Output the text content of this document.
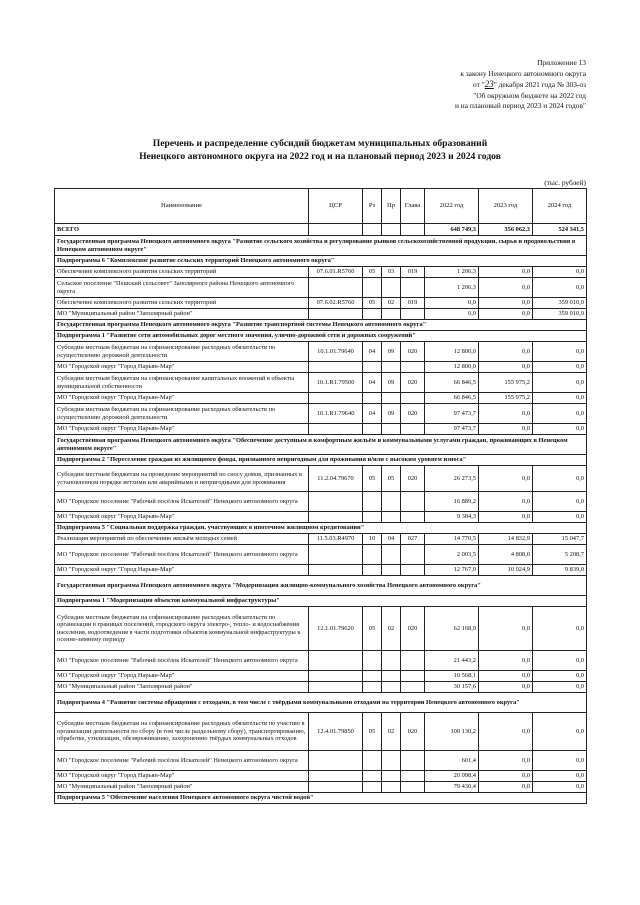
Приложение 13
к закону Ненецкого автономного округа
от "23" декабря 2021 года № 303-оз
"Об окружном бюджете на 2022 год
и на плановый период 2023 и 2024 годов"
Перечень и распределение субсидий бюджетам муниципальных образований
Ненецкого автономного округа на 2022 год и на плановый период 2023 и 2024 годов
(тыс. рублей)
Наименование	ЦСР	Рз	Пр	Глава	2022 год	2023 год	2024 год
ВСЕГО					648 749,3	356 062,3	524 341,5
Государственная программа Ненецкого автономного округа "Развитие сельского хозяйства и регулирование рынков сельскохозяйственной продукции, сырья и продовольствия в Ненецком автономном округе"							
Подпрограмма 6 "Комплексное развитие сельских территорий Ненецкого автономного округа"							
Обеспечение комплексного развития сельских территорий	07.6.01.R5760	05	03	019	1 206,3	0,0	0,0
Сельское поселение "Пешский сельсовет" Заполярного района Ненецкого автономного округа					1 206,3	0,0	0,0
Обеспечение комплексного развития сельских территорий	07.6.02.R5760	05	02	019	0,0	0,0	359 010,9
МО "Муниципальный район "Заполярный район"					0,0	0,0	359 010,9
Государственная программа Ненецкого автономного округа "Развитие транспортной системы Ненецкого автономного округа"							
Подпрограмма 1 "Развитие сети автомобильных дорог местного значения, улично-дорожной сети и дорожных сооружений"							
Субсидии местным бюджетам на софинансирование расходных обязательств по осуществлению дорожной деятельности	10.1.01.79640	04	09	020	12 800,0	0,0	0,0
МО "Городской округ "Город Нарьян-Мар"					12 800,0	0,0	0,0
Субсидии местным бюджетам на софинансирование капитальных вложений в объекты муниципальной собственности	10.1.R1.79500	04	09	020	66 846,5	155 975,2	0,0
МО "Городской округ "Город Нарьян-Мар"					66 846,5	155 975,2	0,0
Субсидии местным бюджетам на софинансирование расходных обязательств по осуществлению дорожной деятельности	10.1.R1.79640	04	09	020	97 473,7	0,0	0,0
МО "Городской округ "Город Нарьян-Мар"					97 473,7	0,0	0,0
Государственная программа Ненецкого автономного округа "Обеспечение доступным и комфортным жильём и коммунальными услугами граждан, проживающих в Ненецком автономном округе"							
Подпрограмма 2 "Переселение граждан из жилищного фонда, признанного непригодным для проживания и/или с высоким уровнем износа"							
Субсидии местным бюджетам на проведение мероприятий по сносу домов, признанных в установленном порядке ветхими или аварийными и непригодными для проживания	11.2.04.79670	05	05	020	26 273,5	0,0	0,0
МО "Городское поселение "Рабочий посёлок Искателей" Ненецкого автономного округа					16 889,2	0,0	0,0
МО "Городской округ "Город Нарьян-Мар"					9 384,3	0,0	0,0
Подпрограмма 5 "Социальная поддержка граждан, участвующих в ипотечном жилищном кредитовании"							
Реализация мероприятий по обеспечению жильём молодых семей	11.5.03.R4970	10	04	027	14 770,5	14 832,9	15 047,7
МО "Городское поселение "Рабочий посёлок Искателей" Ненецкого автономного округа					2 003,5	4 808,0	5 208,7
МО "Городской округ "Город Нарьян-Мар"					12 767,0	10 024,9	9 839,0
Государственная программа Ненецкого автономного округа "Модернизация жилищно-коммунального хозяйства Ненецкого автономного округа"							
Подпрограмма 1 "Модернизация объектов коммунальной инфраструктуры"							
Субсидии местным бюджетам на софинансирование расходных обязательств по организации в границах поселений, городского округа электро-, тепло- и водоснабжения населения, водоотведения в части подготовки объектов коммунальной инфраструктуры к осенне-зимнему периоду	12.1.01.79620	05	02	020	62 168,9	0,0	0,0
МО "Городское поселение "Рабочий посёлок Искателей" Ненецкого автономного округа					21 443,2	0,0	0,0
МО "Городской округ "Город Нарьян-Мар"					10 568,1	0,0	0,0
МО "Муниципальный район "Заполярный район"					30 157,6	0,0	0,0
Подпрограмма 4 "Развитие системы обращения с отходами, в том числе с твёрдыми коммунальными отходами на территории Ненецкого автономного округа"							
Субсидии местным бюджетам на софинансирование расходных обязательств по участию в организации деятельности по сбору (в том числе раздельному сбору), транспортированию, обработке, утилизации, обезвреживанию, захоронению твёрдых коммунальных отходов	12.4.01.79850	05	02	020	100 130,2	0,0	0,0
МО "Городское поселение "Рабочий посёлок Искателей" Ненецкого автономного округа					601,4	0,0	0,0
МО "Городской округ "Город Нарьян-Мар"					20 098,4	0,0	0,0
МО "Муниципальный район "Заполярный район"					79 430,4	0,0	0,0
Подпрограмма 5 "Обеспечение населения Ненецкого автономного округа чистой водой"							
